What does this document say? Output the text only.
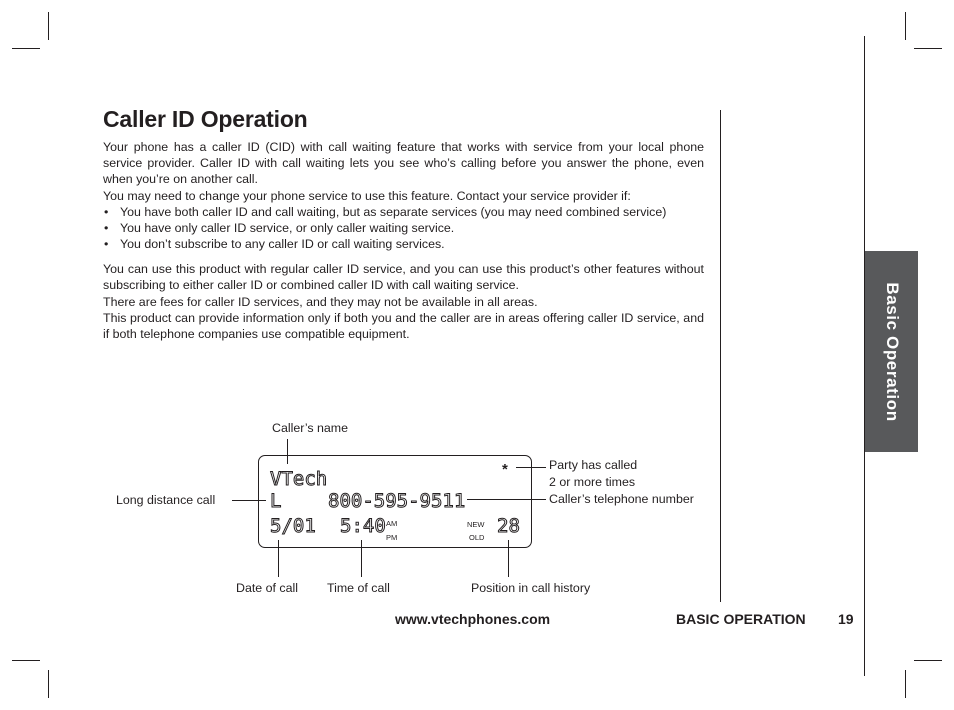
Caller ID Operation

Your phone has a caller ID (CID) with call waiting feature that works with service from your local phone service provider. Caller ID with call waiting lets you see who’s calling before you answer the phone, even when you’re on another call.

You may need to change your phone service to use this feature. Contact your service provider if:

• You have both caller ID and call waiting, but as separate services (you may need combined service)
• You have only caller ID service, or only caller waiting service.
• You don’t subscribe to any caller ID or call waiting services.

You can use this product with regular caller ID service, and you can use this product’s other features without subscribing to either caller ID or combined caller ID with call waiting service.

There are fees for caller ID services, and they may not be available in all areas.

This product can provide information only if both you and the caller are in areas offering caller ID service, and if both telephone companies use compatible equipment.	Basic Operation
VTech	*
L 800-595-9511
5/01 5:40 AM
PM
NEW
OLD
28
Caller’s name
Party has called
2 or more times
Caller’s telephone number
Long distance call
Date of call Time of call	Position in call history
www.vtechphones.com	BASIC OPERATION 19
